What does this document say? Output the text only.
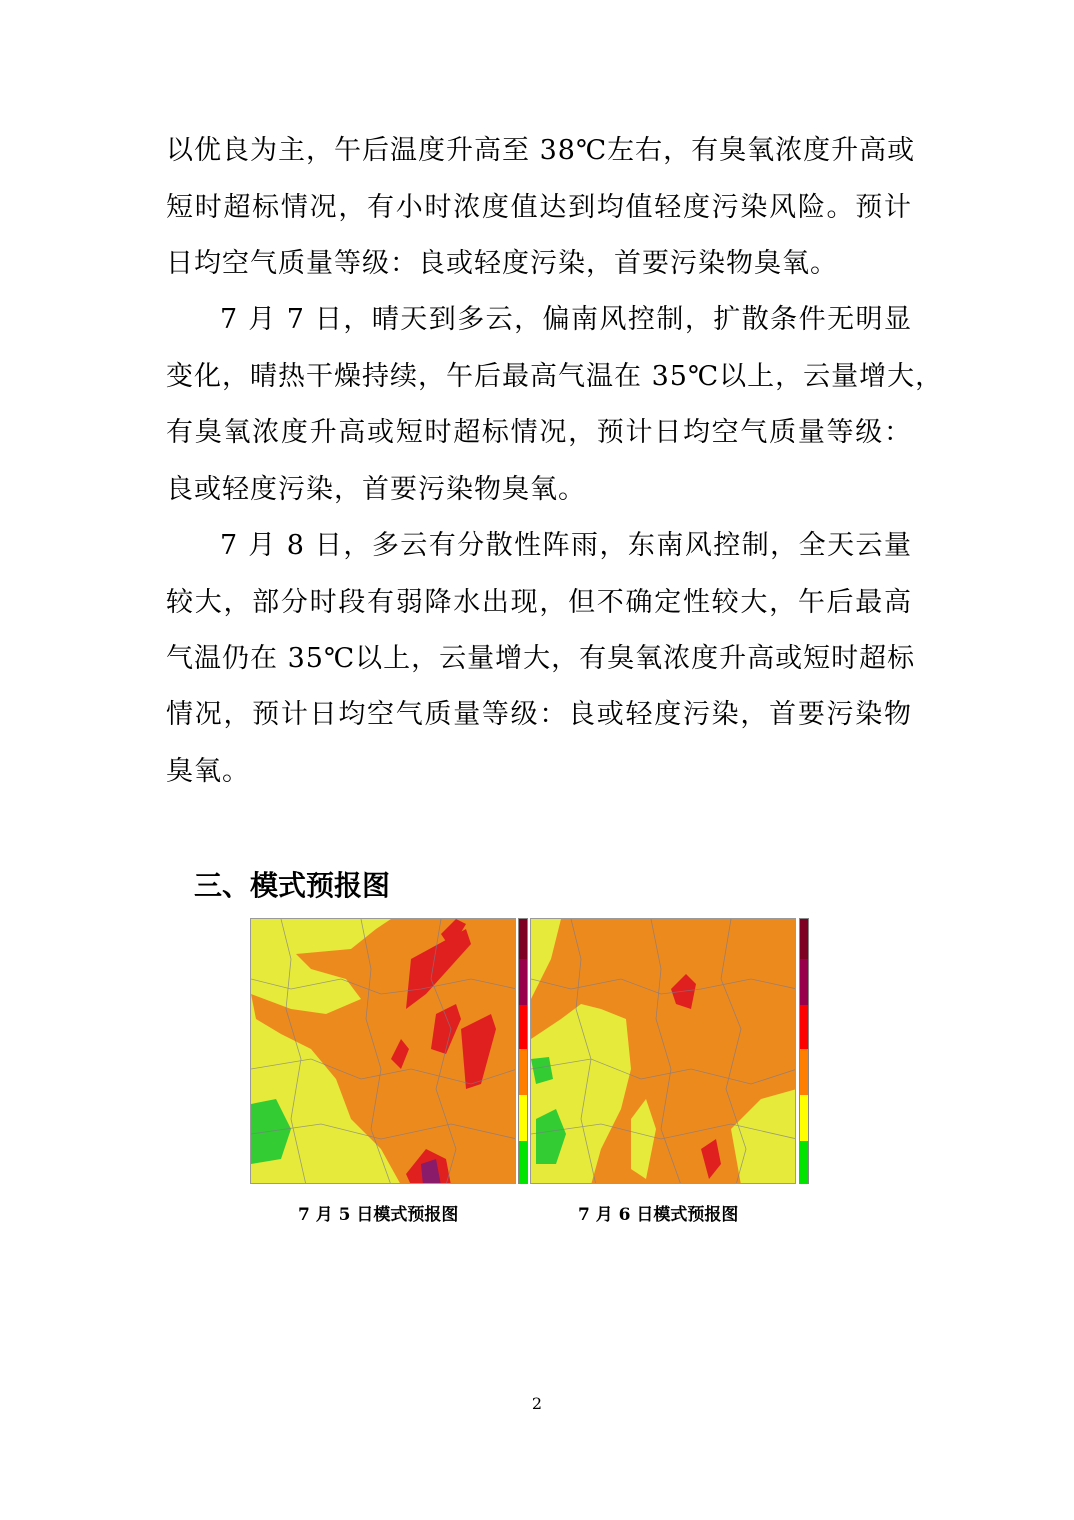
以优良为主，午后温度升高至 38℃左右，有臭氧浓度升高或
短时超标情况，有小时浓度值达到均值轻度污染风险。预计
日均空气质量等级：良或轻度污染，首要污染物臭氧。
7 月 7 日，晴天到多云，偏南风控制，扩散条件无明显
变化，晴热干燥持续，午后最高气温在 35℃以上，云量增大，
有臭氧浓度升高或短时超标情况，预计日均空气质量等级：
良或轻度污染，首要污染物臭氧。
7 月 8 日，多云有分散性阵雨，东南风控制，全天云量
较大，部分时段有弱降水出现，但不确定性较大，午后最高
气温仍在 35℃以上，云量增大，有臭氧浓度升高或短时超标
情况，预计日均空气质量等级：良或轻度污染，首要污染物
臭氧。
三、模式预报图
7 月 5 日模式预报图	7 月 6 日模式预报图
2
